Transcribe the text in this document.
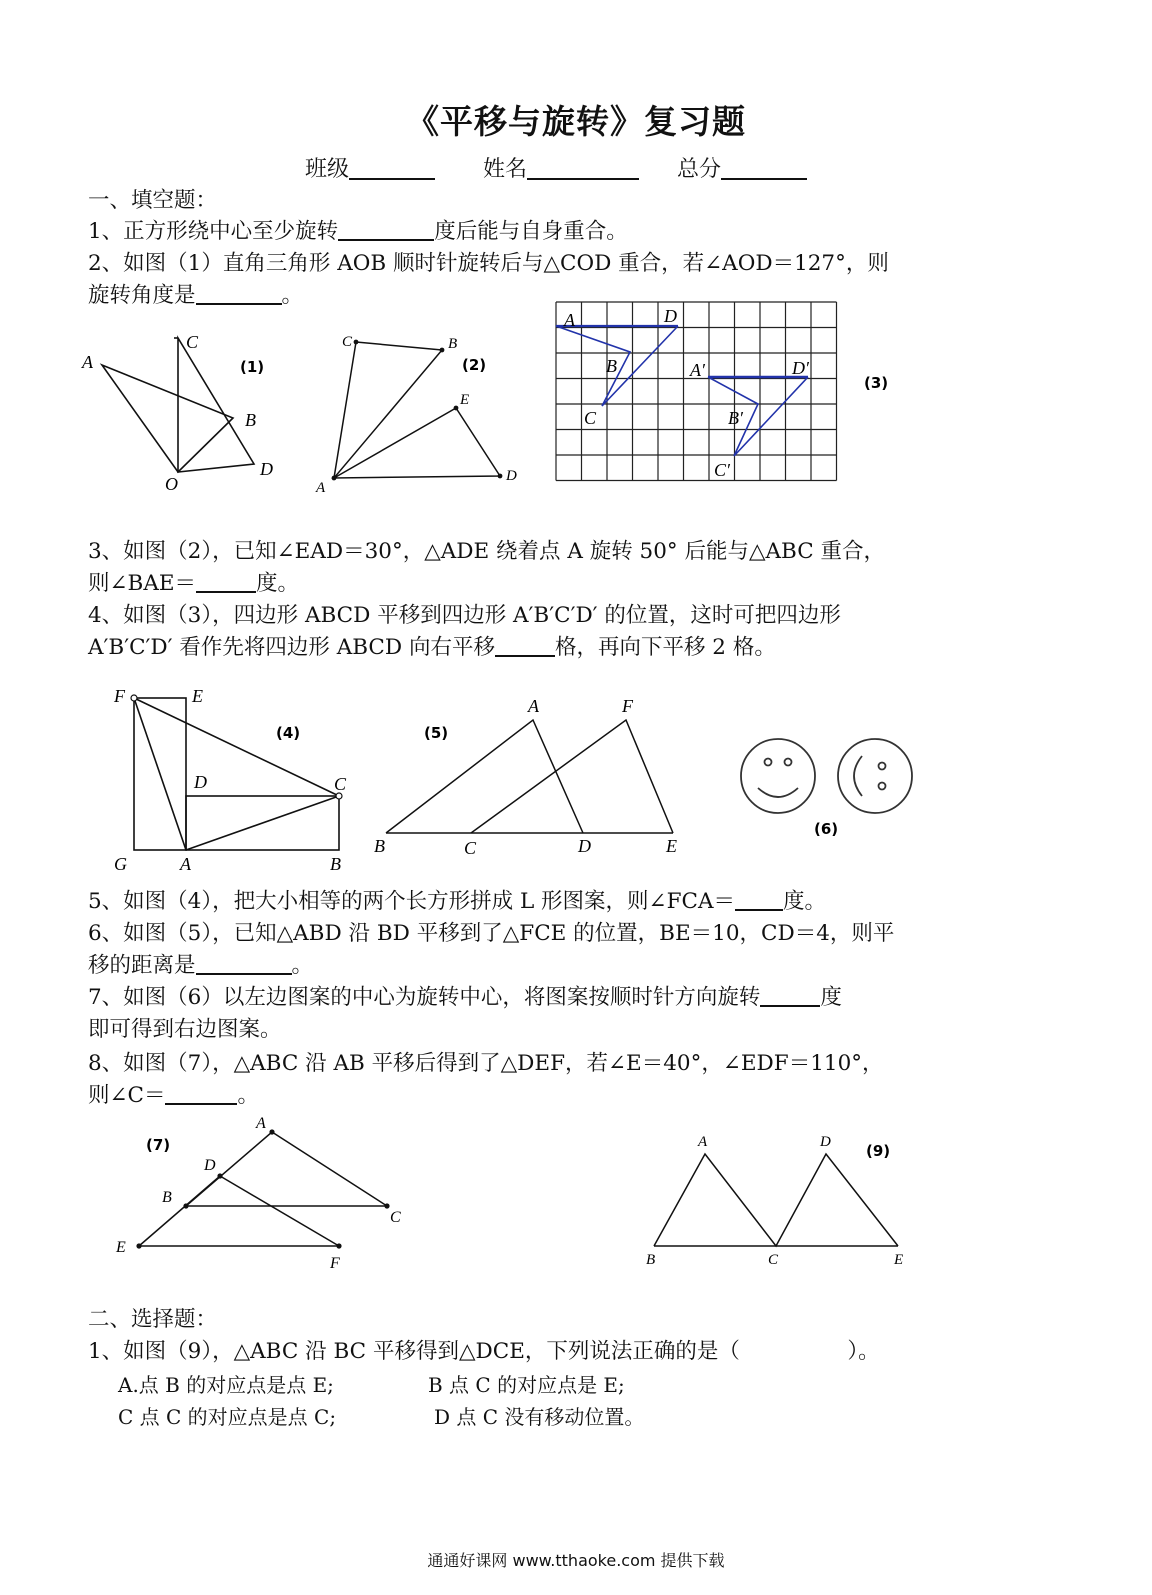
《平移与旋转》复习题
班级	姓名	总分
一、填空题：
1、正方形绕中心至少旋转	度后能与自身重合。
2、如图（1）直角三角形 AOB 顺时针旋转后与△COD 重合，若∠AOD＝127°，则
旋转角度是	。
A
C
B
O
D
(1)
C	B
E
A
D
(2)
A	D
B
C
A′	D′
B′
C′
(3)
3、如图（2），已知∠EAD＝30°，△ADE 绕着点 A 旋转 50° 后能与△ABC 重合，
则∠BAE＝	度。
4、如图（3），四边形 ABCD 平移到四边形 A′B′C′D′ 的位置，这时可把四边形
A′B′C′D′ 看作先将四边形 ABCD 向右平移	格，再向下平移 2 格。
F	E
D	C
G	A	B
(4)
A	F
B	C	D	E
(5)
(6)
5、如图（4），把大小相等的两个长方形拼成 L 形图案，则∠FCA＝ 度。
6、如图（5），已知△ABD 沿 BD 平移到了△FCE 的位置，BE＝10，CD＝4，则平
移的距离是	。
7、如图（6）以左边图案的中心为旋转中心，将图案按顺时针方向旋转	度
即可得到右边图案。
8、如图（7），△ABC 沿 AB 平移后得到了△DEF，若∠E＝40°，∠EDF＝110°，
则∠C＝	。
A
D
B
C
E
F
(7)	A	D
B	C	E
(9)
二、选择题：
1、如图（9），△ABC 沿 BC 平移得到△DCE，下列说法正确的是（　　　　　）。
A.点 B 的对应点是点 E;	B 点 C 的对应点是 E;
C 点 C 的对应点是点 C;	D 点 C 没有移动位置。
通通好课网 www.tthaoke.com 提供下载
